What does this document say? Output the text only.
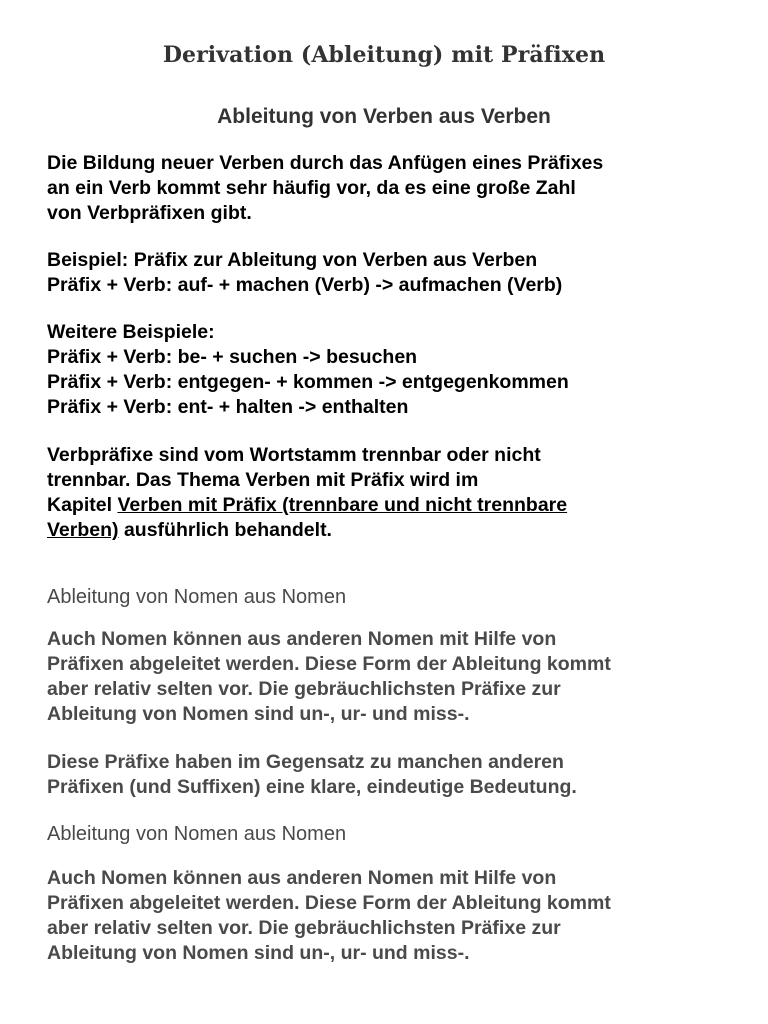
Derivation (Ableitung) mit Präfixen
Ableitung von Verben aus Verben
Die Bildung neuer Verben durch das Anfügen eines Präfixes
an ein Verb kommt sehr häufig vor, da es eine große Zahl
von Verbpräfixen gibt.
Beispiel: Präfix zur Ableitung von Verben aus Verben
Präfix + Verb: auf- + machen (Verb) -> aufmachen (Verb)
Weitere Beispiele:
Präfix + Verb: be- + suchen -> besuchen
Präfix + Verb: entgegen- + kommen -> entgegenkommen
Präfix + Verb: ent- + halten -> enthalten
Verbpräfixe sind vom Wortstamm trennbar oder nicht
trennbar. Das Thema Verben mit Präfix wird im
Kapitel Verben mit Präfix (trennbare und nicht trennbare
Verben) ausführlich behandelt.
Ableitung von Nomen aus Nomen
Auch Nomen können aus anderen Nomen mit Hilfe von
Präfixen abgeleitet werden. Diese Form der Ableitung kommt
aber relativ selten vor. Die gebräuchlichsten Präfixe zur
Ableitung von Nomen sind un-, ur- und miss-.
Diese Präfixe haben im Gegensatz zu manchen anderen
Präfixen (und Suffixen) eine klare, eindeutige Bedeutung.
Ableitung von Nomen aus Nomen
Auch Nomen können aus anderen Nomen mit Hilfe von
Präfixen abgeleitet werden. Diese Form der Ableitung kommt
aber relativ selten vor. Die gebräuchlichsten Präfixe zur
Ableitung von Nomen sind un-, ur- und miss-.
